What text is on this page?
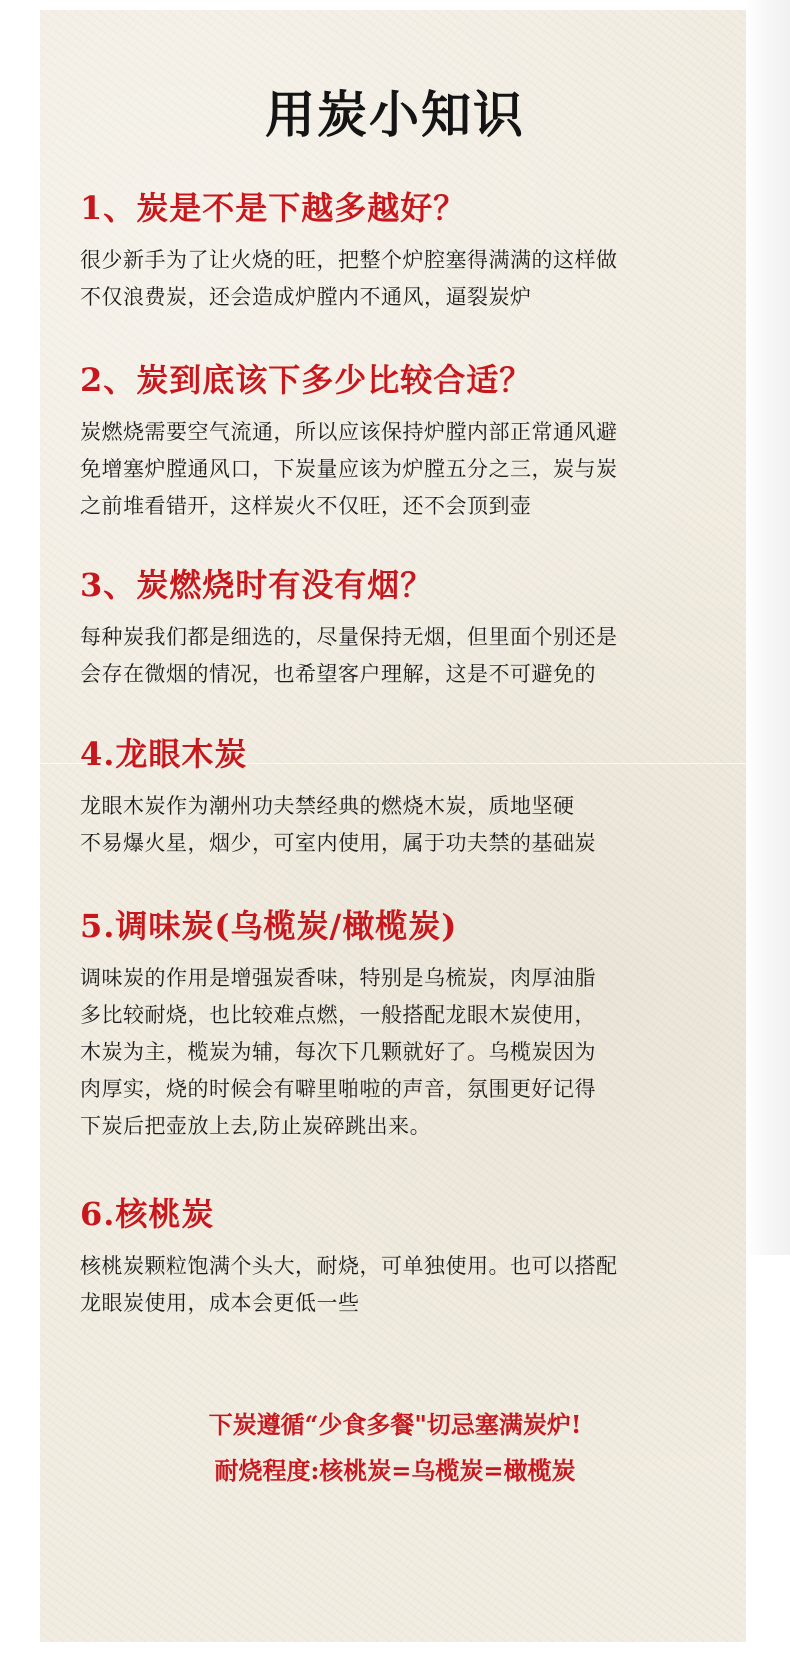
用炭小知识

1、炭是不是下越多越好？

很少新手为了让火烧的旺，把整个炉腔塞得满满的这样做
不仅浪费炭，还会造成炉膛内不通风，逼裂炭炉

2、炭到底该下多少比较合适？

炭燃烧需要空气流通，所以应该保持炉膛内部正常通风避
免增塞炉膛通风口，下炭量应该为炉膛五分之三，炭与炭
之前堆看错开，这样炭火不仅旺，还不会顶到壶

3、炭燃烧时有没有烟？

每种炭我们都是细选的，尽量保持无烟，但里面个别还是
会存在微烟的情况，也希望客户理解，这是不可避免的

4.龙眼木炭

龙眼木炭作为潮州功夫禁经典的燃烧木炭，质地坚硬
不易爆火星，烟少，可室内使用，属于功夫禁的基础炭

5.调味炭(乌榄炭/橄榄炭)

调味炭的作用是增强炭香味，特别是乌梳炭，肉厚油脂
多比较耐烧，也比较难点燃，一般搭配龙眼木炭使用，
木炭为主，榄炭为辅，每次下几颗就好了。乌榄炭因为
肉厚实，烧的时候会有噼里啪啦的声音，氛围更好记得
下炭后把壶放上去,防止炭碎跳出来。

6.核桃炭

核桃炭颗粒饱满个头大，耐烧，可单独使用。也可以搭配
龙眼炭使用，成本会更低一些

下炭遵循“少食多餐"切忌塞满炭炉!
耐烧程度:核桃炭=乌榄炭=橄榄炭
